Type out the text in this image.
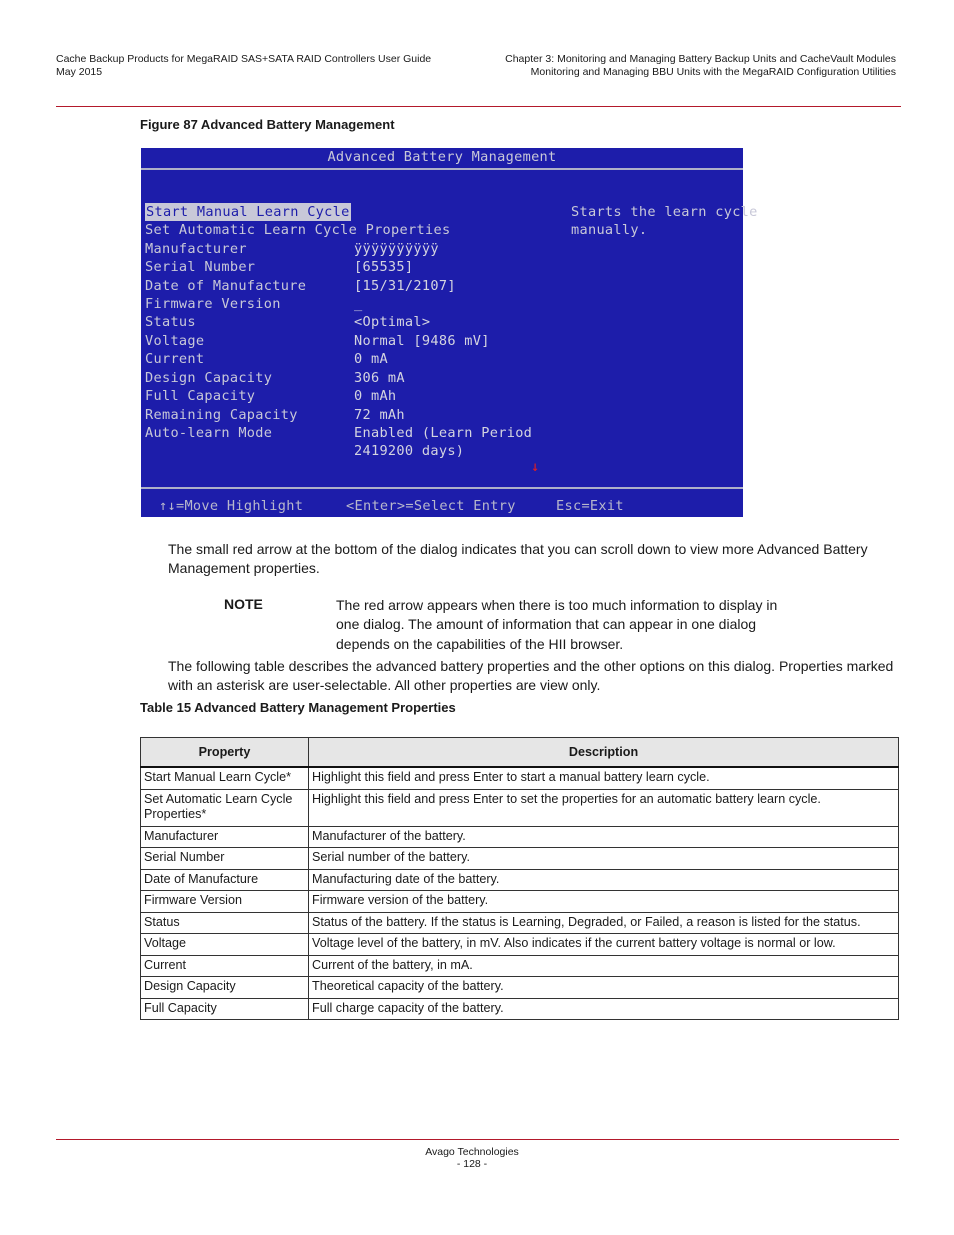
Cache Backup Products for MegaRAID SAS+SATA RAID Controllers User Guide
May 2015
Chapter 3: Monitoring and Managing Battery Backup Units and CacheVault Modules
Monitoring and Managing BBU Units with the MegaRAID Configuration Utilities
Figure 87 Advanced Battery Management
Advanced Battery Management
Start Manual Learn Cycle
Set Automatic Learn Cycle Properties
Manufacturer	ÿÿÿÿÿÿÿÿÿÿ
Serial Number	[65535]
Date of Manufacture	[15/31/2107]
Firmware Version	_
Status	<Optimal>
Voltage	Normal [9486 mV]
Current	0 mA
Design Capacity	306 mA
Full Capacity	0 mAh
Remaining Capacity	72 mAh
Auto-learn Mode	Enabled (Learn Period
2419200 days)
Starts the learn cycle
manually.
↓
↑↓=Move Highlight	<Enter>=Select Entry	Esc=Exit
The small red arrow at the bottom of the dialog indicates that you can scroll down to view more Advanced Battery Management properties.
NOTE	The red arrow appears when there is too much information to display in one dialog. The amount of information that can appear in one dialog depends on the capabilities of the HII browser.
The following table describes the advanced battery properties and the other options on this dialog. Properties marked with an asterisk are user-selectable. All other properties are view only.
Table 15 Advanced Battery Management Properties
Property	Description
Start Manual Learn Cycle*	Highlight this field and press Enter to start a manual battery learn cycle.
Set Automatic Learn Cycle Properties*	Highlight this field and press Enter to set the properties for an automatic battery learn cycle.
Manufacturer	Manufacturer of the battery.
Serial Number	Serial number of the battery.
Date of Manufacture	Manufacturing date of the battery.
Firmware Version	Firmware version of the battery.
Status	Status of the battery. If the status is Learning, Degraded, or Failed, a reason is listed for the status.
Voltage	Voltage level of the battery, in mV. Also indicates if the current battery voltage is normal or low.
Current	Current of the battery, in mA.
Design Capacity	Theoretical capacity of the battery.
Full Capacity	Full charge capacity of the battery.
Avago Technologies
- 128 -
